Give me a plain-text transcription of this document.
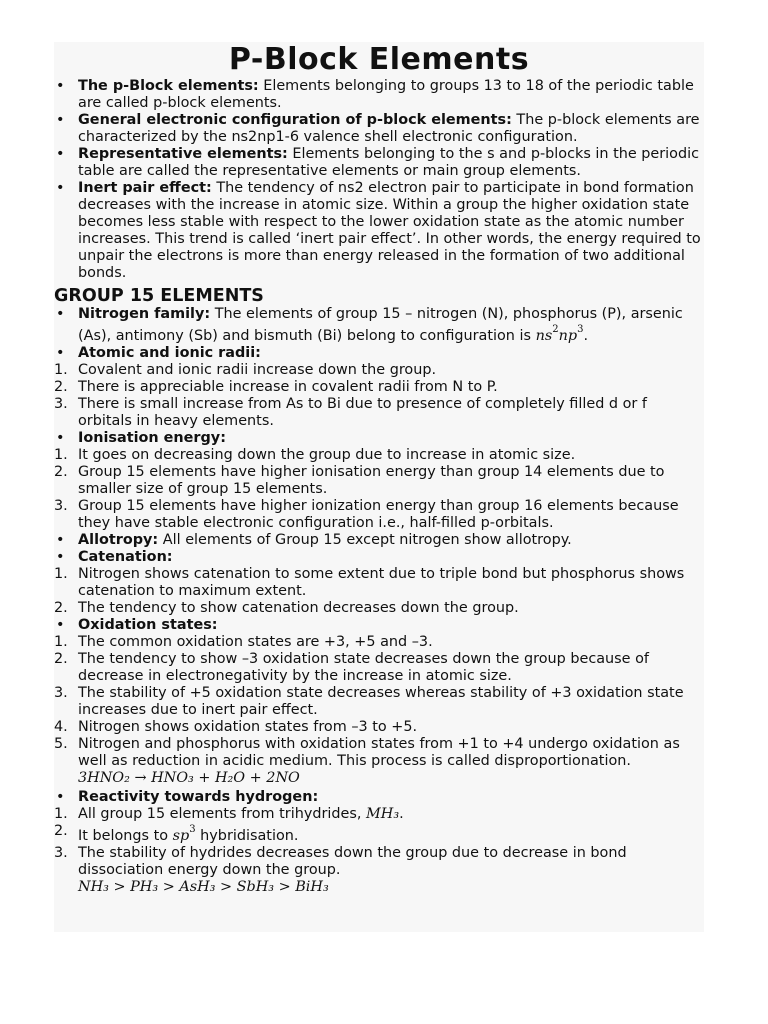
P-Block Elements
• The p-Block elements: Elements belonging to groups 13 to 18 of the periodic table are called p-block elements.
• General electronic configuration of p-block elements: The p-block elements are characterized by the ns2np1-6 valence shell electronic configuration.
• Representative elements: Elements belonging to the s and p-blocks in the periodic table are called the representative elements or main group elements.
• Inert pair effect: The tendency of ns2 electron pair to participate in bond formation decreases with the increase in atomic size. Within a group the higher oxidation state becomes less stable with respect to the lower oxidation state as the atomic number increases. This trend is called ‘inert pair effect’. In other words, the energy required to unpair the electrons is more than energy released in the formation of two additional bonds.
GROUP 15 ELEMENTS
• Nitrogen family: The elements of group 15 – nitrogen (N), phosphorus (P), arsenic (As), antimony (Sb) and bismuth (Bi) belong to configuration is $ns^2np^3$.
• Atomic and ionic radii:
1. Covalent and ionic radii increase down the group.
2. There is appreciable increase in covalent radii from N to P.
3. There is small increase from As to Bi due to presence of completely filled d or f orbitals in heavy elements.
• Ionisation energy:
1. It goes on decreasing down the group due to increase in atomic size.
2. Group 15 elements have higher ionisation energy than group 14 elements due to smaller size of group 15 elements.
3. Group 15 elements have higher ionization energy than group 16 elements because they have stable electronic configuration i.e., half-filled p-orbitals.
• Allotropy: All elements of Group 15 except nitrogen show allotropy.
• Catenation:
1. Nitrogen shows catenation to some extent due to triple bond but phosphorus shows catenation to maximum extent.
2. The tendency to show catenation decreases down the group.
• Oxidation states:
1. The common oxidation states are +3, +5 and –3.
2. The tendency to show –3 oxidation state decreases down the group because of decrease in electronegativity by the increase in atomic size.
3. The stability of +5 oxidation state decreases whereas stability of +3 oxidation state increases due to inert pair effect.
4. Nitrogen shows oxidation states from –3 to +5.
5. Nitrogen and phosphorus with oxidation states from +1 to +4 undergo oxidation as well as reduction in acidic medium. This process is called disproportionation.
3HNO₂ → HNO₃ + H₂O + 2NO
• Reactivity towards hydrogen:
1. All group 15 elements from trihydrides, MH₃.
2. It belongs to $sp^3$ hybridisation.
3. The stability of hydrides decreases down the group due to decrease in bond dissociation energy down the group.
NH₃ > PH₃ > AsH₃ > SbH₃ > BiH₃
